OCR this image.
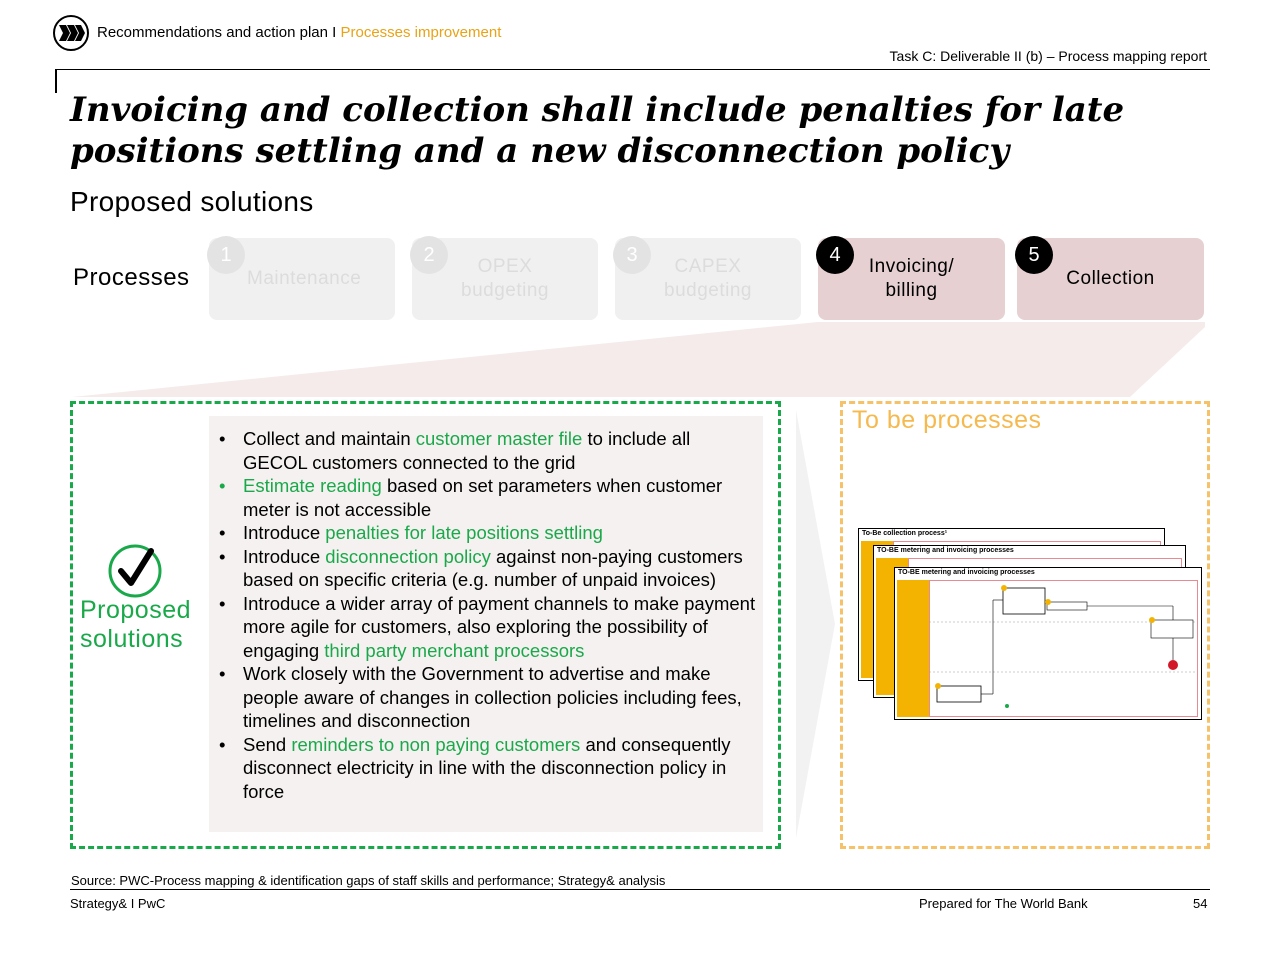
Recommendations and action plan I Processes improvement
Task C: Deliverable II (b) – Process mapping report
Invoicing and collection shall include penalties for late positions settling and a new disconnection policy
Proposed solutions
Processes	Maintenance
1
OPEX budgeting
2
CAPEX budgeting
3
Invoicing/ billing
4
Collection
5
Proposed solutions
• Collect and maintain customer master file to include all GECOL customers connected to the grid
• Estimate reading based on set parameters when customer meter is not accessible
• Introduce penalties for late positions settling
• Introduce disconnection policy against non-paying customers based on specific criteria (e.g. number of unpaid invoices)
• Introduce a wider array of payment channels to make payment more agile for customers, also exploring the possibility of engaging third party merchant processors
• Work closely with the Government to advertise and make people aware of changes in collection policies including fees, timelines and disconnection
• Send reminders to non paying customers and consequently disconnect electricity in line with the disconnection policy in force
To be processes
To-Be collection process¹
TO-BE metering and invoicing processes
TO-BE metering and invoicing processes
Source: PWC-Process mapping & identification gaps of staff skills and performance; Strategy& analysis
Strategy& I PwC	Prepared for The World Bank	54
